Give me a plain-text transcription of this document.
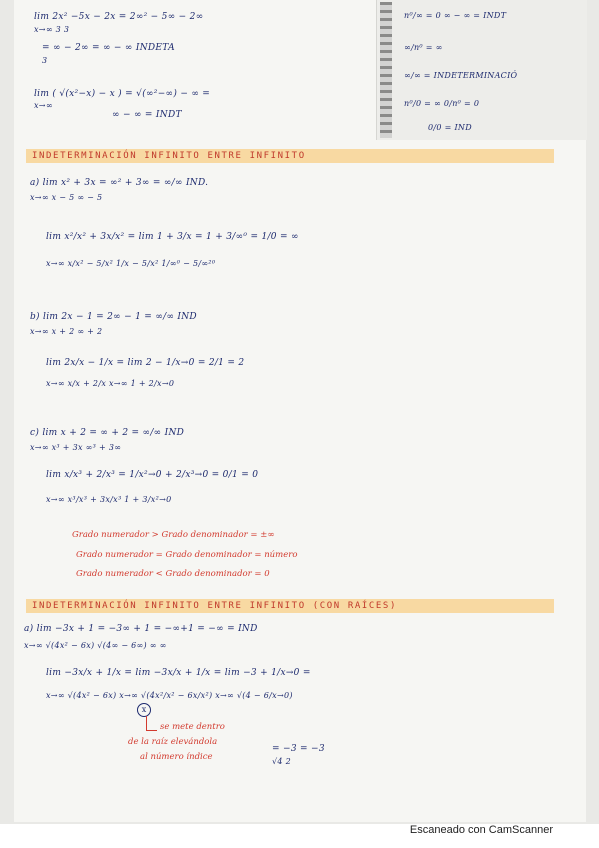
lim 2x² −5x − 2x = 2∞² − 5∞ − 2∞
x→∞ 3 3
= ∞ − 2∞ = ∞ − ∞ INDETA
3
lim ( √(x²−x) − x ) = √(∞²−∞) − ∞ =
x→∞
∞ − ∞ = INDT
n⁰/∞ = 0 ∞ − ∞ = INDT
∞/n⁰ = ∞
∞/∞ = INDETERMINACIÓ
n⁰/0 = ∞ 0/n⁰ = 0
0/0 = IND
INDETERMINACIÓN INFINITO ENTRE INFINITO
a) lim x² + 3x = ∞² + 3∞ = ∞/∞ IND.
x→∞ x − 5 ∞ − 5
lim x²/x² + 3x/x² = lim 1 + 3/x = 1 + 3/∞⁰ = 1/0 = ∞
x→∞ x/x² − 5/x² 1/x − 5/x² 1/∞⁰ − 5/∞²⁰
b) lim 2x − 1 = 2∞ − 1 = ∞/∞ IND
x→∞ x + 2 ∞ + 2
lim 2x/x − 1/x = lim 2 − 1/x→0 = 2/1 = 2
x→∞ x/x + 2/x x→∞ 1 + 2/x→0
c) lim x + 2 = ∞ + 2 = ∞/∞ IND
x→∞ x³ + 3x ∞³ + 3∞
lim x/x³ + 2/x³ = 1/x²→0 + 2/x³→0 = 0/1 = 0
x→∞ x³/x³ + 3x/x³ 1 + 3/x²→0
Grado numerador > Grado denominador = ±∞
Grado numerador = Grado denominador = número
Grado numerador < Grado denominador = 0
INDETERMINACIÓN INFINITO ENTRE INFINITO (CON RAÍCES)
a) lim −3x + 1 = −3∞ + 1 = −∞+1 = −∞ = IND
x→∞ √(4x² − 6x) √(4∞ − 6∞) ∞ ∞
lim −3x/x + 1/x = lim −3x/x + 1/x = lim −3 + 1/x→0 =
x→∞ √(4x² − 6x) x→∞ √(4x²/x² − 6x/x²) x→∞ √(4 − 6/x→0)
x
se mete dentro
de la raíz elevándola
al número índice
= −3 = −3
√4 2
Escaneado con CamScanner
